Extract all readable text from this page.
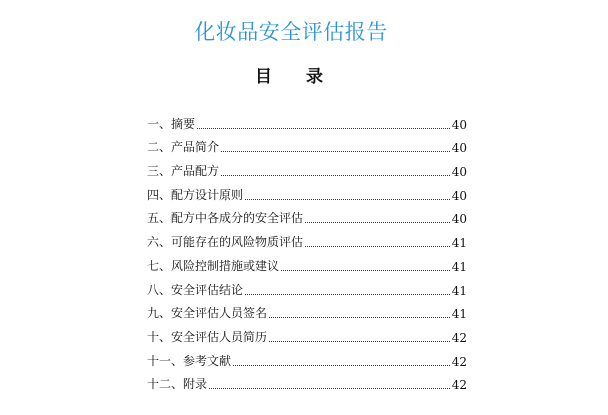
化妆品安全评估报告
目 录
一、摘要	40
二、产品简介	40
三、产品配方	40
四、配方设计原则	40
五、配方中各成分的安全评估	40
六、可能存在的风险物质评估	41
七、风险控制措施或建议	41
八、安全评估结论	41
九、安全评估人员签名	41
十、安全评估人员简历	42
十一、参考文献	42
十二、附录	42
